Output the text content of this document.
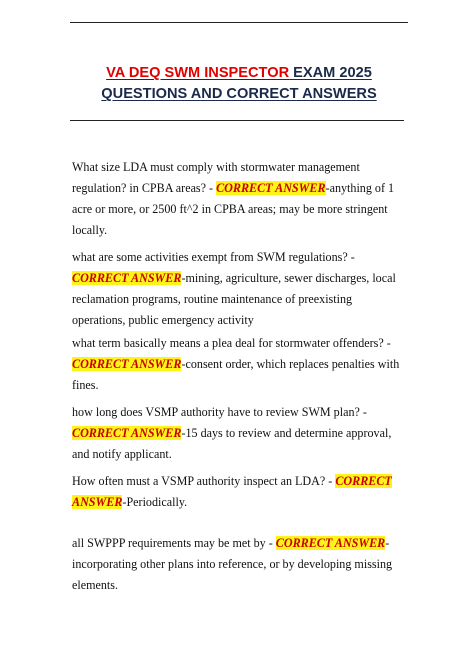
VA DEQ SWM INSPECTOR EXAM 2025
QUESTIONS AND CORRECT ANSWERS
What size LDA must comply with stormwater management regulation? in CPBA areas? - CORRECT ANSWER-anything of 1 acre or more, or 2500 ft^2 in CPBA areas; may be more stringent locally.
what are some activities exempt from SWM regulations? - CORRECT ANSWER-mining, agriculture, sewer discharges, local reclamation programs, routine maintenance of preexisting operations, public emergency activity
what term basically means a plea deal for stormwater offenders? - CORRECT ANSWER-consent order, which replaces penalties with fines.
how long does VSMP authority have to review SWM plan? - CORRECT ANSWER-15 days to review and determine approval, and notify applicant.
How often must a VSMP authority inspect an LDA? - CORRECT ANSWER-Periodically.
all SWPPP requirements may be met by - CORRECT ANSWER-incorporating other plans into reference, or by developing missing elements.
